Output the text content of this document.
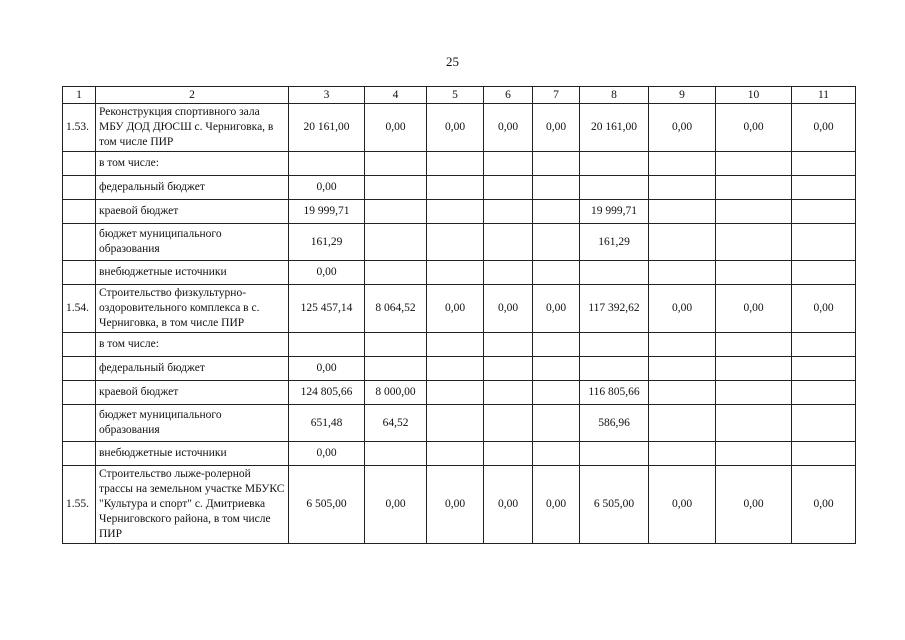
25
1	2	3	4	5	6	7	8	9	10	11
1.53.	Реконструкция спортивного зала МБУ ДОД ДЮСШ с. Черниговка, в том числе ПИР	20 161,00	0,00	0,00	0,00	0,00	20 161,00	0,00	0,00	0,00
	в том числе:									
	федеральный бюджет	0,00								
	краевой бюджет	19 999,71					19 999,71			
	бюджет муниципального образования	161,29					161,29			
	внебюджетные источники	0,00								
1.54.	Строительство физкультурно-оздоровительного комплекса в с. Черниговка, в том числе ПИР	125 457,14	8 064,52	0,00	0,00	0,00	117 392,62	0,00	0,00	0,00
	в том числе:									
	федеральный бюджет	0,00								
	краевой бюджет	124 805,66	8 000,00				116 805,66			
	бюджет муниципального образования	651,48	64,52				586,96			
	внебюджетные источники	0,00								
1.55.	Строительство лыже-ролерной трассы на земельном участке МБУКС "Культура и спорт" с. Дмитриевка Черниговского района, в том числе ПИР	6 505,00	0,00	0,00	0,00	0,00	6 505,00	0,00	0,00	0,00
